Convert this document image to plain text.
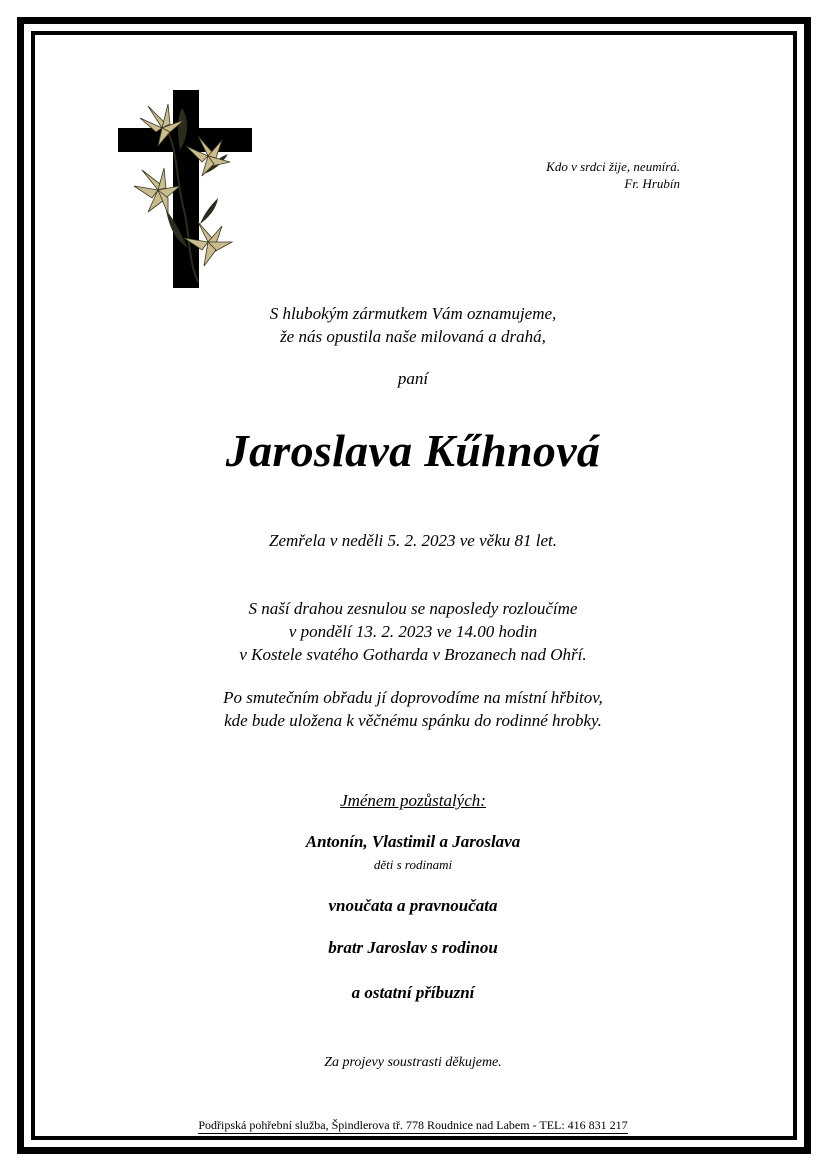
Kdo v srdci žije, neumírá.
Fr. Hrubín
S hlubokým zármutkem Vám oznamujeme,
že nás opustila naše milovaná a drahá,
paní
Jaroslava Kűhnová
Zemřela v neděli 5. 2. 2023 ve věku 81 let.
S naší drahou zesnulou se naposledy rozloučíme
v pondělí 13. 2. 2023 ve 14.00 hodin
v Kostele svatého Gotharda v Brozanech nad Ohří.
Po smutečním obřadu jí doprovodíme na místní hřbitov,
kde bude uložena k věčnému spánku do rodinné hrobky.
Jménem pozůstalých:
Antonín, Vlastimil a Jaroslava
děti s rodinami
vnoučata a pravnoučata
bratr Jaroslav s rodinou
a ostatní příbuzní
Za projevy soustrasti děkujeme.
Podřipská pohřební služba, Špindlerova tř. 778 Roudnice nad Labem - TEL: 416 831 217
